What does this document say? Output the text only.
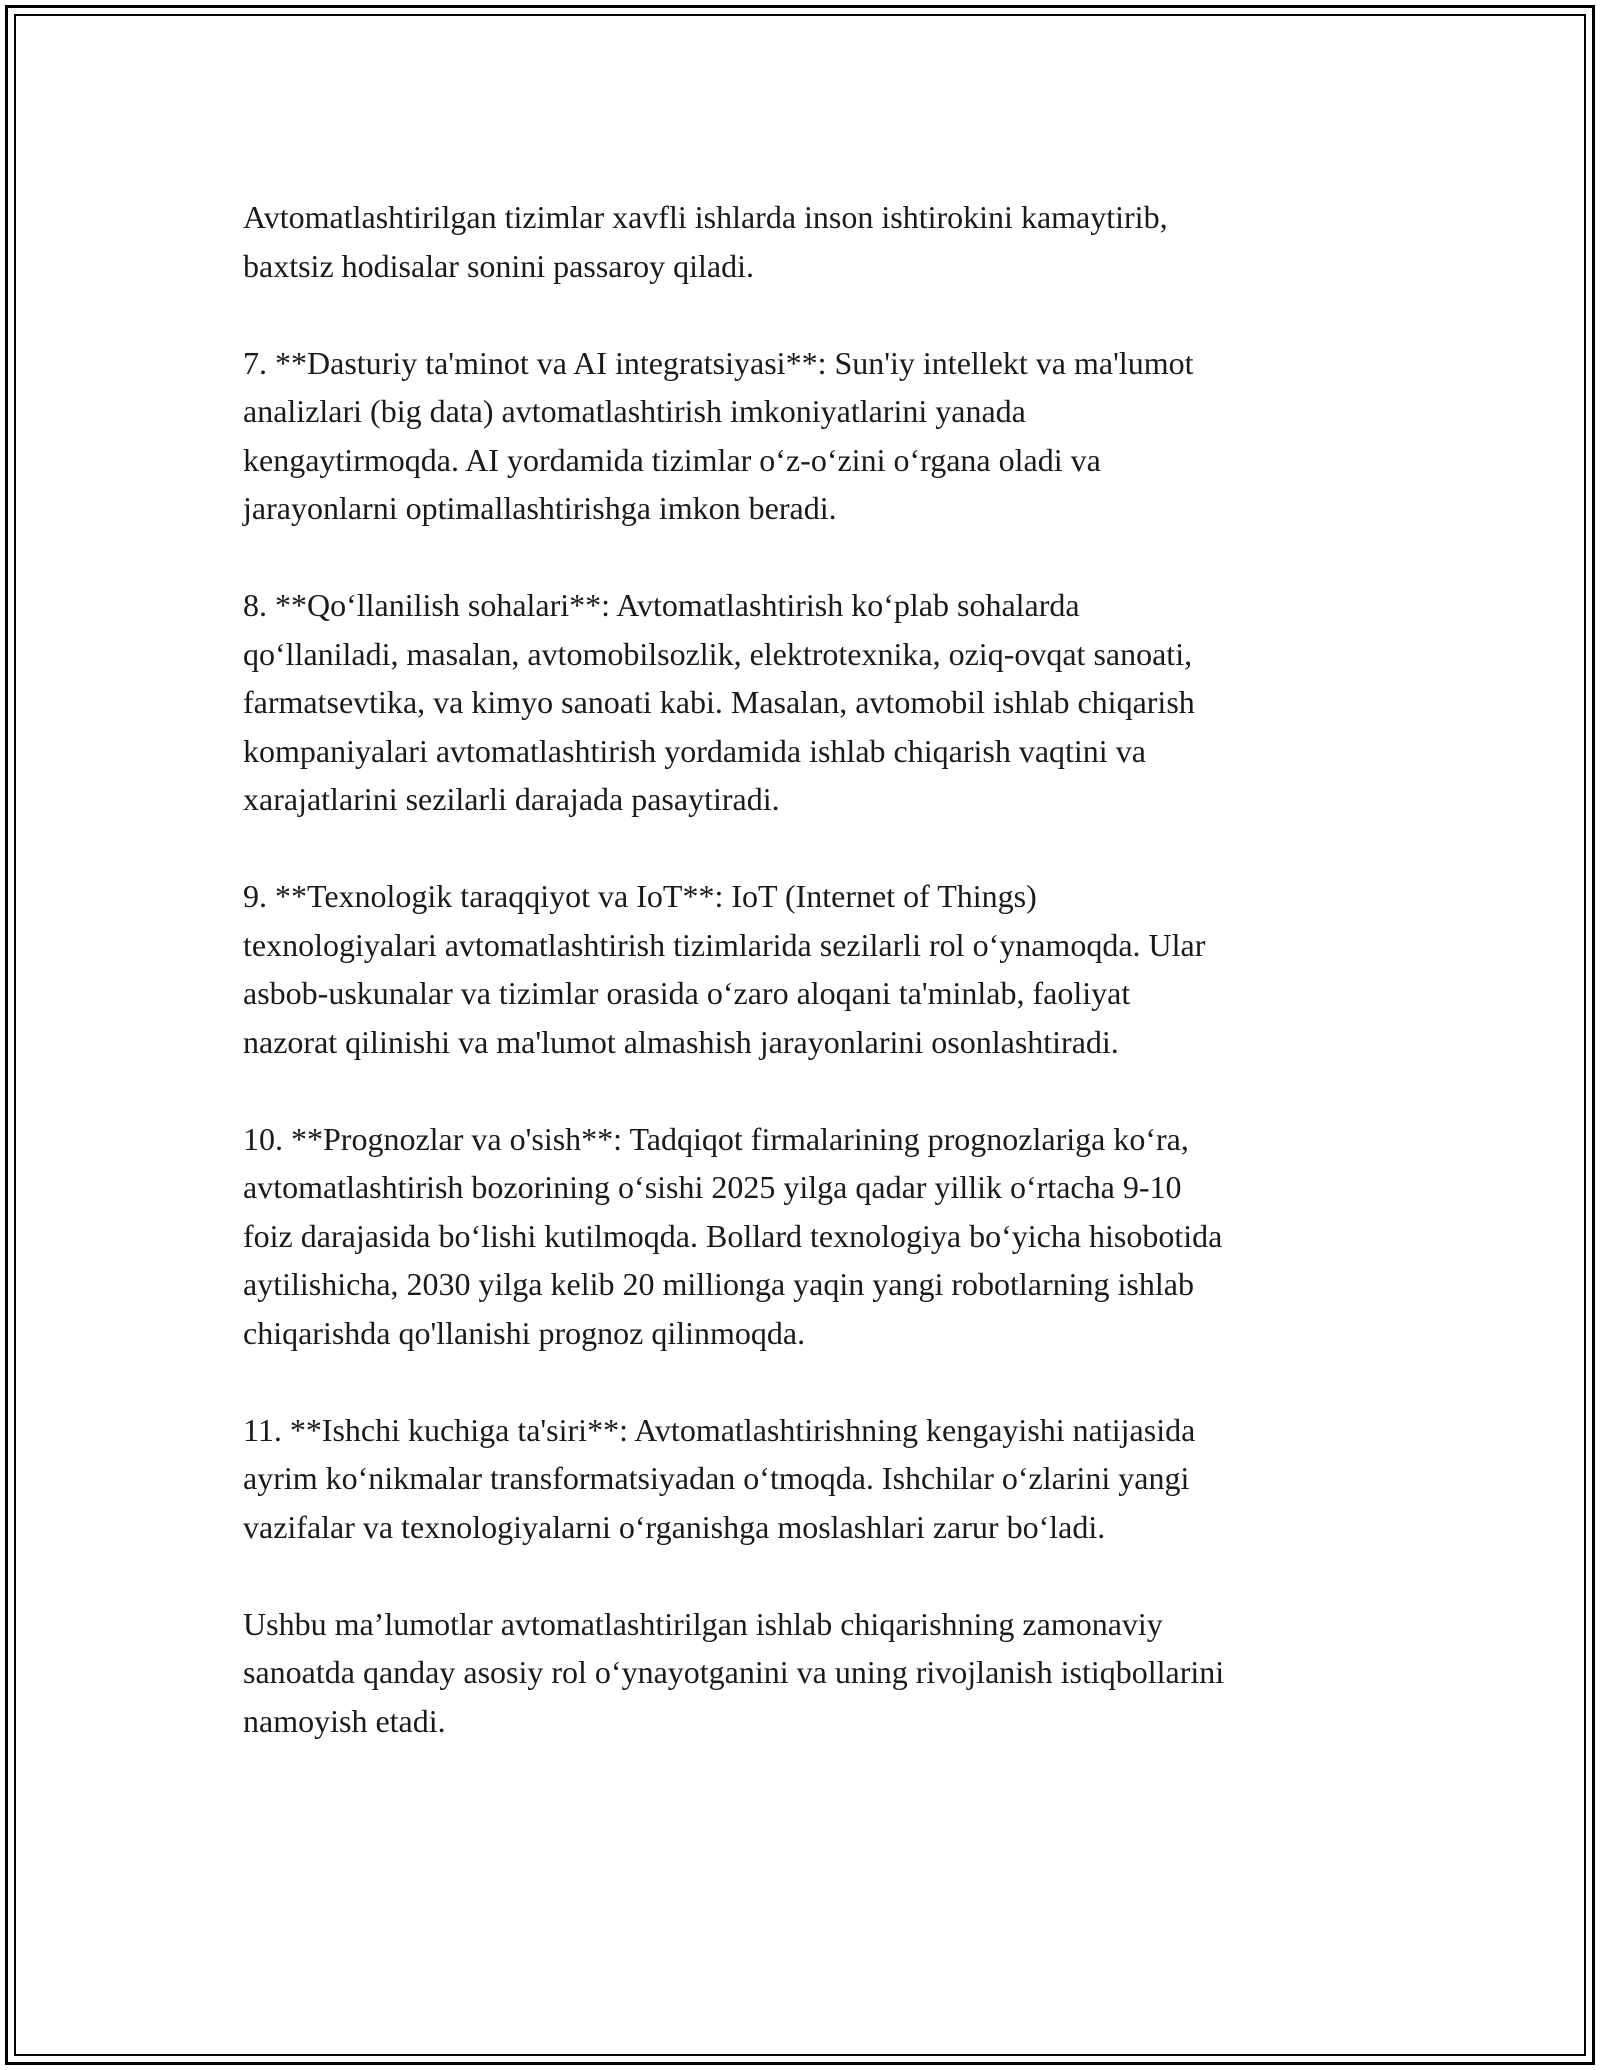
Avtomatlashtirilgan tizimlar xavfli ishlarda inson ishtirokini kamaytirib,
baxtsiz hodisalar sonini passaroy qiladi.

7. **Dasturiy ta'minot va AI integratsiyasi**: Sun'iy intellekt va ma'lumot
analizlari (big data) avtomatlashtirish imkoniyatlarini yanada
kengaytirmoqda. AI yordamida tizimlar o‘z-o‘zini o‘rgana oladi va
jarayonlarni optimallashtirishga imkon beradi.

8. **Qo‘llanilish sohalari**: Avtomatlashtirish ko‘plab sohalarda
qo‘llaniladi, masalan, avtomobilsozlik, elektrotexnika, oziq-ovqat sanoati,
farmatsevtika, va kimyo sanoati kabi. Masalan, avtomobil ishlab chiqarish
kompaniyalari avtomatlashtirish yordamida ishlab chiqarish vaqtini va
xarajatlarini sezilarli darajada pasaytiradi.

9. **Texnologik taraqqiyot va IoT**: IoT (Internet of Things)
texnologiyalari avtomatlashtirish tizimlarida sezilarli rol o‘ynamoqda. Ular
asbob-uskunalar va tizimlar orasida o‘zaro aloqani ta'minlab, faoliyat
nazorat qilinishi va ma'lumot almashish jarayonlarini osonlashtiradi.

10. **Prognozlar va o'sish**: Tadqiqot firmalarining prognozlariga ko‘ra,
avtomatlashtirish bozorining o‘sishi 2025 yilga qadar yillik o‘rtacha 9-10
foiz darajasida bo‘lishi kutilmoqda. Bollard texnologiya bo‘yicha hisobotida
aytilishicha, 2030 yilga kelib 20 millionga yaqin yangi robotlarning ishlab
chiqarishda qo'llanishi prognoz qilinmoqda.

11. **Ishchi kuchiga ta'siri**: Avtomatlashtirishning kengayishi natijasida
ayrim ko‘nikmalar transformatsiyadan o‘tmoqda. Ishchilar o‘zlarini yangi
vazifalar va texnologiyalarni o‘rganishga moslashlari zarur bo‘ladi.

Ushbu ma’lumotlar avtomatlashtirilgan ishlab chiqarishning zamonaviy
sanoatda qanday asosiy rol o‘ynayotganini va uning rivojlanish istiqbollarini
namoyish etadi.
